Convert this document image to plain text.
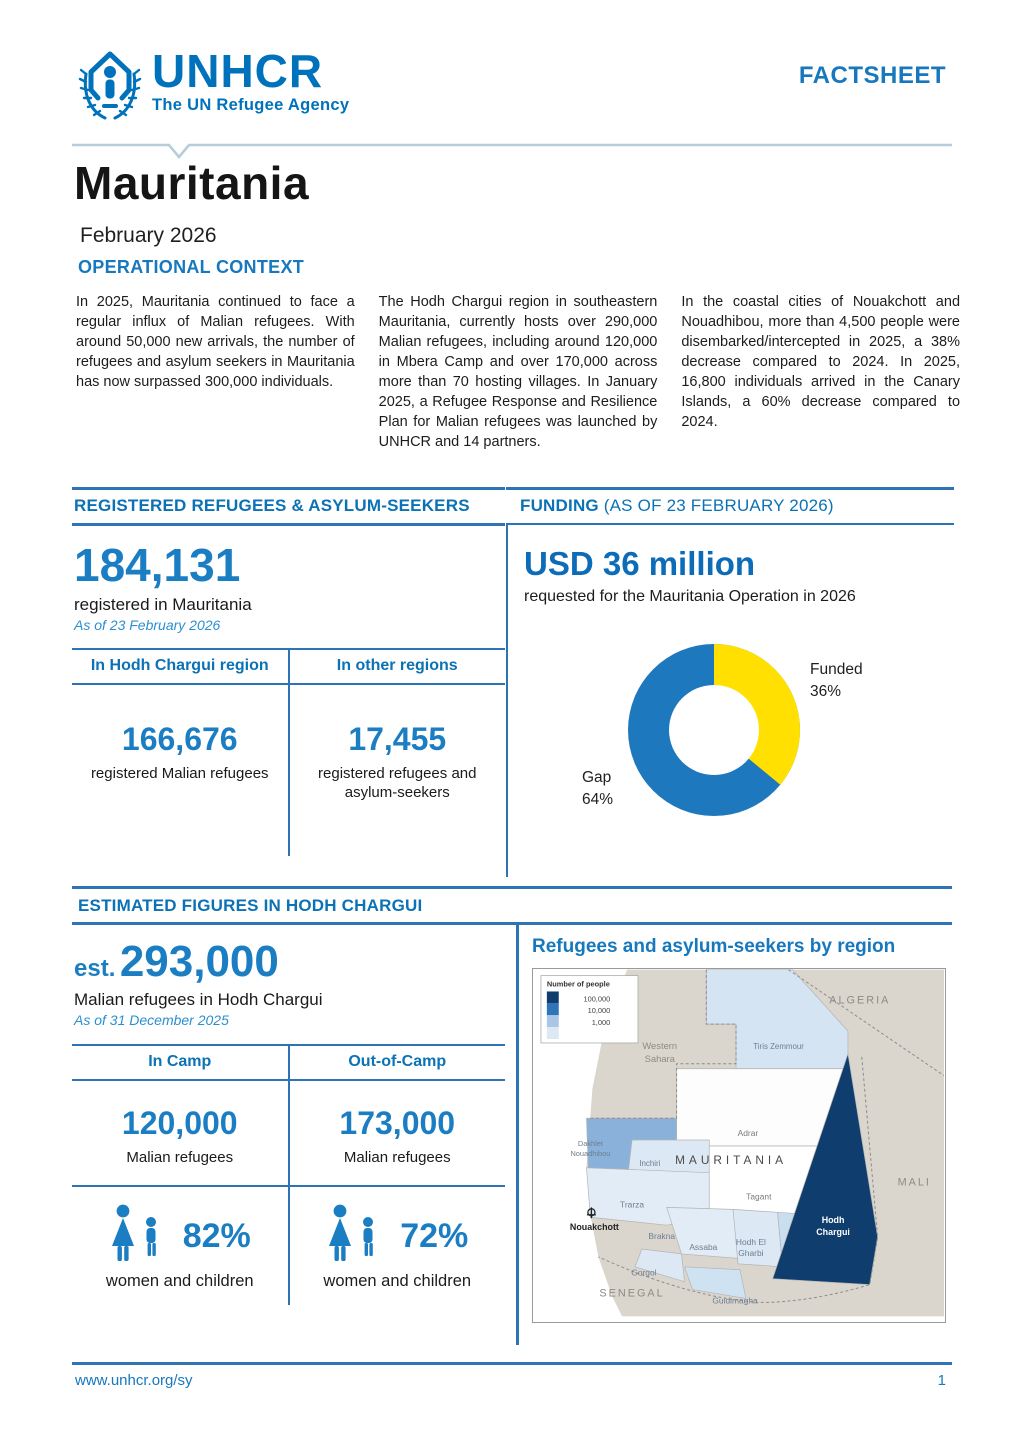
UNHCR
The UN Refugee Agency
FACTSHEET
Mauritania
February 2026
OPERATIONAL CONTEXT

In 2025, Mauritania continued to face a regular influx of Malian refugees. With around 50,000 new arrivals, the number of refugees and asylum seekers in Mauritania has now surpassed 300,000 individuals.

The Hodh Chargui region in southeastern Mauritania, currently hosts over 290,000 Malian refugees, including around 120,000 in Mbera Camp and over 170,000 across more than 70 hosting villages. In January 2025, a Refugee Response and Resilience Plan for Malian refugees was launched by UNHCR and 14 partners.

In the coastal cities of Nouakchott and Nouadhibou, more than 4,500 people were disembarked/intercepted in 2025, a 38% decrease compared to 2024. In 2025, 16,800 individuals arrived in the Canary Islands, a 60% decrease compared to 2024.

REGISTERED REFUGEES & ASYLUM-SEEKERS
184,131
registered in Mauritania
As of 23 February 2026
In Hodh Chargui region
166,676
registered Malian refugees
In other regions
17,455
registered refugees and asylum-seekers
FUNDING (AS OF 23 FEBRUARY 2026)
USD 36 million
requested for the Mauritania Operation in 2026
Funded
36%
Gap
64%
ESTIMATED FIGURES IN HODH CHARGUI
est. 293,000
Malian refugees in Hodh Chargui
As of 31 December 2025
In Camp
120,000
Malian refugees
82%
women and children
Out-of-Camp
173,000
Malian refugees
72%
women and children
Refugees and asylum-seekers by region
Number of people
100,000
10,000
1,000
ALGERIA
Western
Sahara
MALI
SENEGAL
MAURITANIA
Tiris Zemmour
Adrar
Dakhlet
Nouadhibou
Inchiri
Trarza
Tagant
Brakna
Assaba Hodh El
Gharbi
Gorgol
Guidimagha
Hodh
Chargui
Nouakchott
www.unhcr.org/sy	1
